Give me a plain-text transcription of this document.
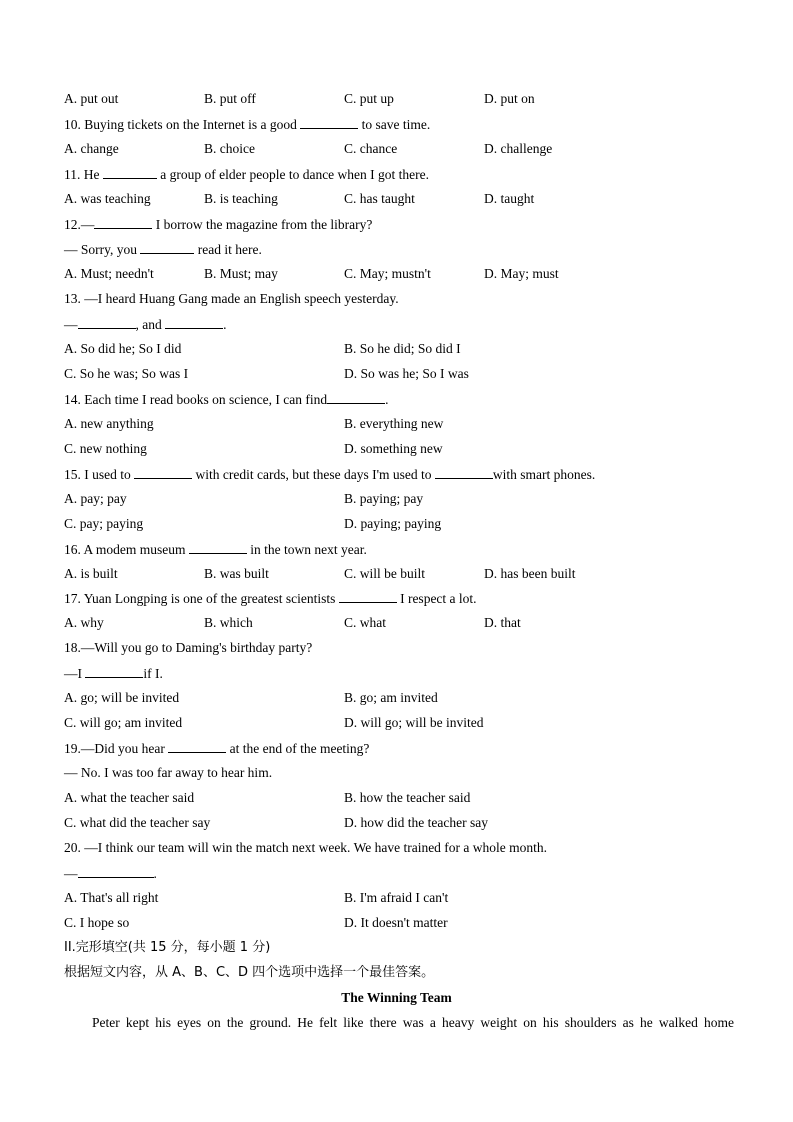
A. put out	B. put off	C. put up	D. put on
10. Buying tickets on the Internet is a good	to save time.
A. change	B. choice	C. chance	D. challenge
11. He	a group of elder people to dance when I got there.
A. was teaching	B. is teaching	C. has taught	D. taught
12.—	I borrow the magazine from the library?
— Sorry, you	read it here.
A. Must; needn't	B. Must; may	C. May; mustn't	D. May; must
13. —I heard Huang Gang made an English speech yesterday.
—	, and	.
A. So did he; So I did	B. So he did; So did I
C. So he was; So was I	D. So was he; So I was
14. Each time I read books on science, I can find	.
A. new anything	B. everything new
C. new nothing	D. something new
15. I used to	with credit cards, but these days I'm used to	with smart phones.
A. pay; pay	B. paying; pay
C. pay; paying	D. paying; paying
16. A modem museum	in the town next year.
A. is built	B. was built	C. will be built	D. has been built
17. Yuan Longping is one of the greatest scientists	I respect a lot.
A. why	B. which	C. what	D. that
18.—Will you go to Daming's birthday party?
—I	if I.
A. go; will be invited	B. go; am invited
C. will go; am invited	D. will go; will be invited
19.—Did you hear	at the end of the meeting?
— No. I was too far away to hear him.
A. what the teacher said	B. how the teacher said
C. what did the teacher say	D. how did the teacher say
20. —I think our team will win the match next week. We have trained for a whole month.
—	.
A. That's all right	B. I'm afraid I can't
C. I hope so	D. It doesn't matter
II.完形填空(共 15 分，每小题 1 分)
根据短文内容，从 A、B、C、D 四个选项中选择一个最佳答案。
The Winning Team
Peter kept his eyes on the ground. He felt like there was a heavy weight on his shoulders as he walked home
